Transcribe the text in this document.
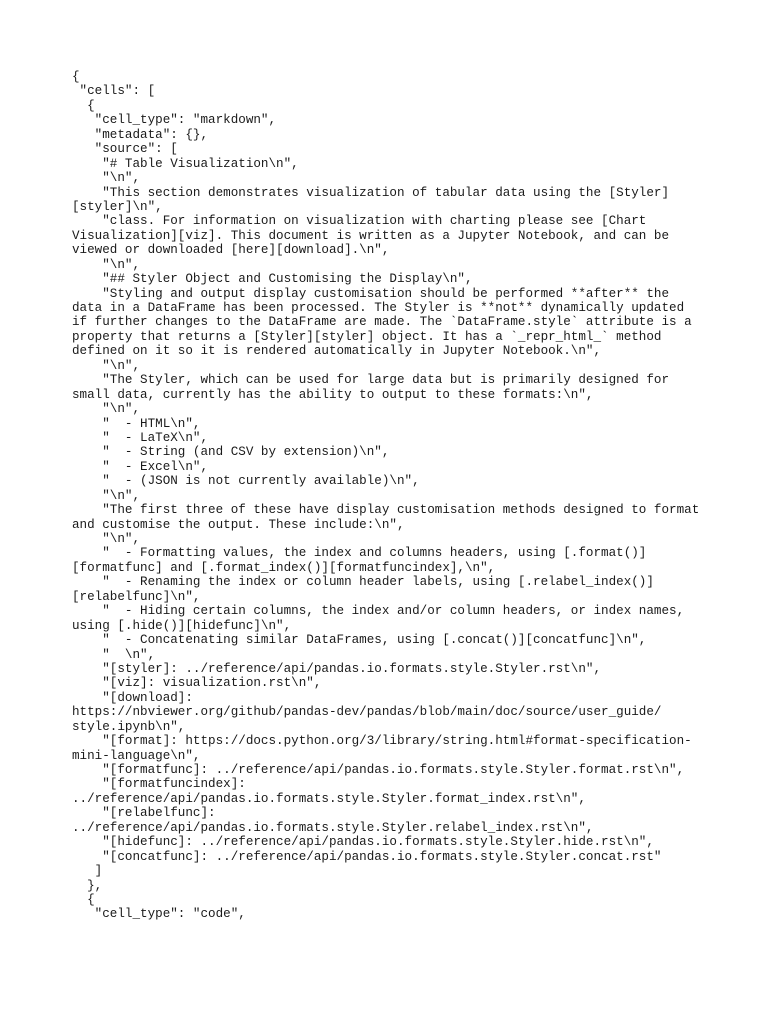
{
"cells": [
{
"cell_type": "markdown",
"metadata": {},
"source": [
"# Table Visualization\n",
"\n",
"This section demonstrates visualization of tabular data using the [Styler]
[styler]\n",
"class. For information on visualization with charting please see [Chart
Visualization][viz]. This document is written as a Jupyter Notebook, and can be
viewed or downloaded [here][download].\n",
"\n",
"## Styler Object and Customising the Display\n",
"Styling and output display customisation should be performed **after** the
data in a DataFrame has been processed. The Styler is **not** dynamically updated
if further changes to the DataFrame are made. The `DataFrame.style` attribute is a
property that returns a [Styler][styler] object. It has a `_repr_html_` method
defined on it so it is rendered automatically in Jupyter Notebook.\n",
"\n",
"The Styler, which can be used for large data but is primarily designed for
small data, currently has the ability to output to these formats:\n",
"\n",
"  - HTML\n",
"  - LaTeX\n",
"  - String (and CSV by extension)\n",
"  - Excel\n",
"  - (JSON is not currently available)\n",
"\n",
"The first three of these have display customisation methods designed to format
and customise the output. These include:\n",
"\n",
"  - Formatting values, the index and columns headers, using [.format()]
[formatfunc] and [.format_index()][formatfuncindex],\n",
"  - Renaming the index or column header labels, using [.relabel_index()]
[relabelfunc]\n",
"  - Hiding certain columns, the index and/or column headers, or index names,
using [.hide()][hidefunc]\n",
"  - Concatenating similar DataFrames, using [.concat()][concatfunc]\n",
"  \n",
"[styler]: ../reference/api/pandas.io.formats.style.Styler.rst\n",
"[viz]: visualization.rst\n",
"[download]:
https://nbviewer.org/github/pandas-dev/pandas/blob/main/doc/source/user_guide/
style.ipynb\n",
"[format]: https://docs.python.org/3/library/string.html#format-specification-
mini-language\n",
"[formatfunc]: ../reference/api/pandas.io.formats.style.Styler.format.rst\n",
"[formatfuncindex]:
../reference/api/pandas.io.formats.style.Styler.format_index.rst\n",
"[relabelfunc]:
../reference/api/pandas.io.formats.style.Styler.relabel_index.rst\n",
"[hidefunc]: ../reference/api/pandas.io.formats.style.Styler.hide.rst\n",
"[concatfunc]: ../reference/api/pandas.io.formats.style.Styler.concat.rst"
]
},
{
"cell_type": "code",
